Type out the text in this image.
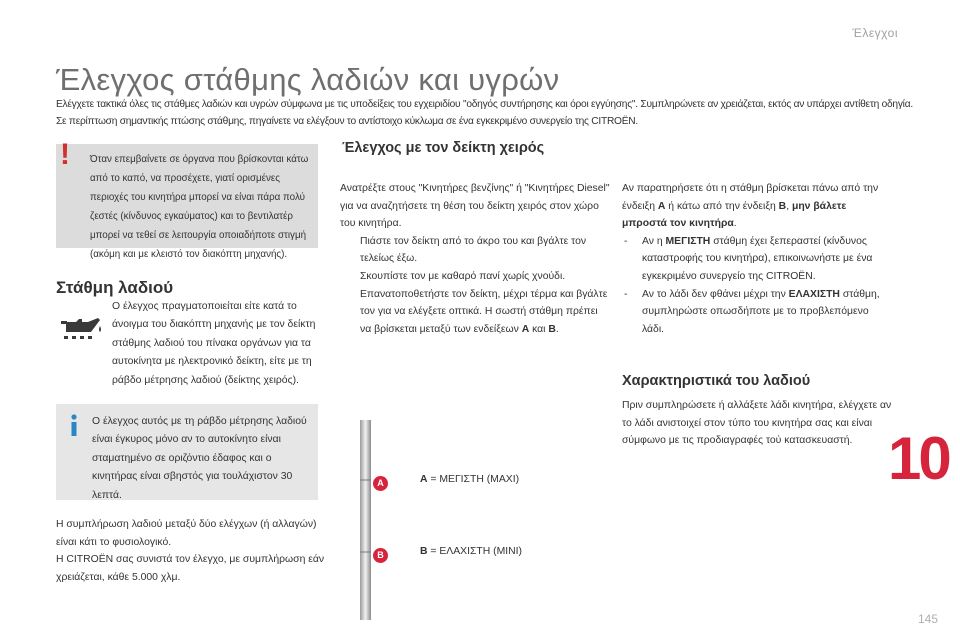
Έλεγχοι
Έλεγχος στάθμης λαδιών και υγρών

Ελέγχετε τακτικά όλες τις στάθμες λαδιών και υγρών σύμφωνα με τις υποδείξεις του εγχειριδίου "οδηγός συντήρησης και όροι εγγύησης". Συμπληρώνετε αν χρειάζεται, εκτός αν υπάρχει αντίθετη οδηγία.

Σε περίπτωση σημαντικής πτώσης στάθμης, πηγαίνετε να ελέγξουν το αντίστοιχο κύκλωμα σε ένα εγκεκριμένο συνεργείο της CITROËN.

! Όταν επεμβαίνετε σε όργανα που βρίσκονται κάτω από το καπό, να προσέχετε, γιατί ορισμένες περιοχές του κινητήρα μπορεί να είναι πάρα πολύ ζεστές (κίνδυνος εγκαύματος) και το βεντιλατέρ μπορεί να τεθεί σε λειτουργία οποιαδήποτε στιγμή (ακόμη και με κλειστό τον διακόπτη μηχανής).
Στάθμη λαδιού
Ο έλεγχος πραγματοποιείται είτε κατά το άνοιγμα του διακόπτη μηχανής με τον δείκτη στάθμης λαδιού του πίνακα οργάνων για τα αυτοκίνητα με ηλεκτρονικό δείκτη, είτε με τη ράβδο μέτρησης λαδιού (δείκτης χειρός).
Ο έλεγχος αυτός με τη ράβδο μέτρησης λαδιού είναι έγκυρος μόνο αν το αυτοκίνητο είναι σταματημένο σε οριζόντιο έδαφος και ο κινητήρας είναι σβηστός για τουλάχιστον 30 λεπτά.

Η συμπλήρωση λαδιού μεταξύ δύο ελέγχων (ή αλλαγών) είναι κάτι το φυσιολογικό.

Η CITROËN σας συνιστά τον έλεγχο, με συμπλήρωση εάν χρειάζεται, κάθε 5.000 χλμ.

Έλεγχος με τον δείκτη χειρός

Ανατρέξτε στους "Κινητήρες βενζίνης" ή "Κινητήρες Diesel" για να αναζητήσετε τη θέση του δείκτη χειρός στον χώρο του κινητήρα.

Πιάστε τον δείκτη από το άκρο του και βγάλτε τον τελείως έξω.

Σκουπίστε τον με καθαρό πανί χωρίς χνούδι.

Επανατοποθετήστε τον δείκτη, μέχρι τέρμα και βγάλτε τον για να ελέγξετε οπτικά. Η σωστή στάθμη πρέπει να βρίσκεται μεταξύ των ενδείξεων A και B.

A
B
A = ΜΕΓΙΣΤΗ (MAXI)
B = ΕΛΑΧΙΣΤΗ (MINI)

Αν παρατηρήσετε ότι η στάθμη βρίσκεται πάνω από την ένδειξη A ή κάτω από την ένδειξη B, μην βάλετε μπροστά τον κινητήρα.

- Αν η ΜΕΓΙΣΤΗ στάθμη έχει ξεπεραστεί (κίνδυνος καταστροφής του κινητήρα), επικοινωνήστε με ένα εγκεκριμένο συνεργείο της CITROËN.

- Αν το λάδι δεν φθάνει μέχρι την ΕΛΑΧΙΣΤΗ στάθμη, συμπληρώστε οπωσδήποτε με το προβλεπόμενο λάδι.

Χαρακτηριστικά του λαδιού
Πριν συμπληρώσετε ή αλλάξετε λάδι κινητήρα, ελέγχετε αν το λάδι ανιστοιχεί στον τύπο του κινητήρα σας και είναι σύμφωνο με τις προδιαγραφές τού κατασκευαστή. 10
145
